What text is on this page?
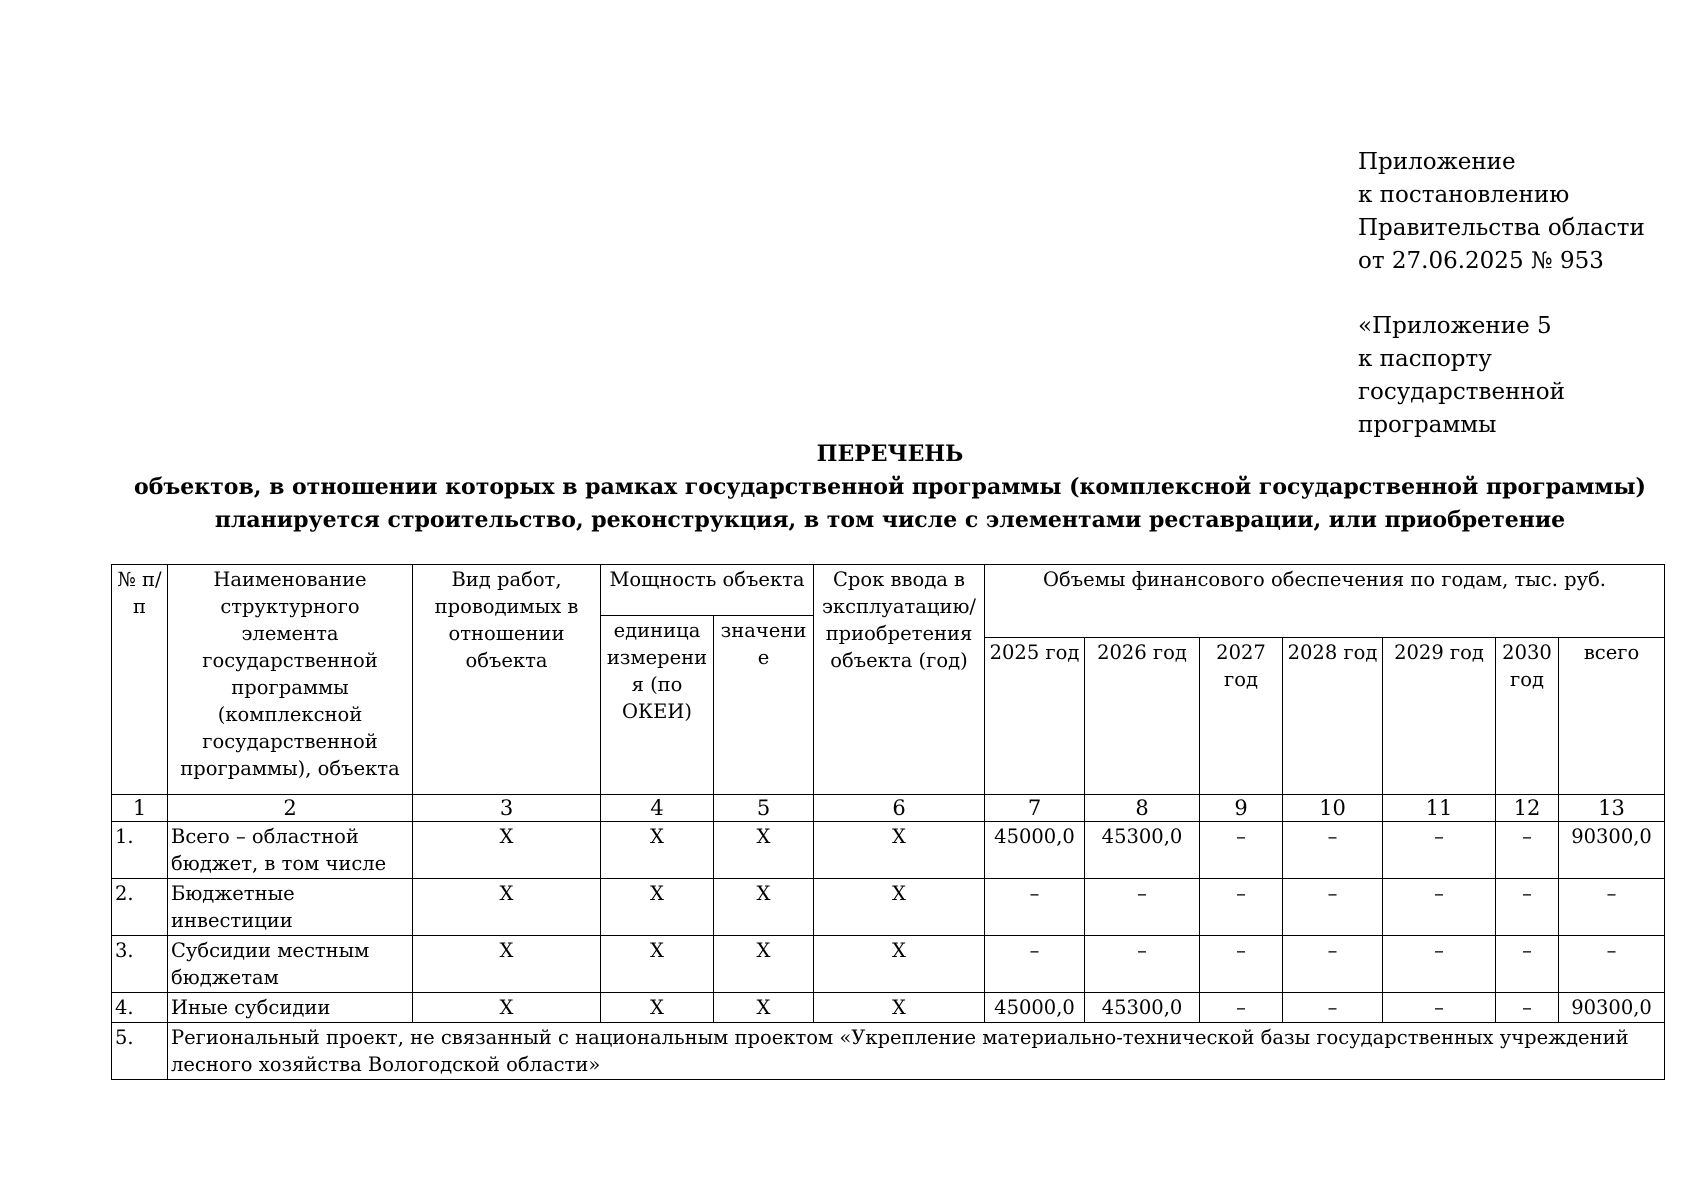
Приложение
к постановлению
Правительства области
от 27.06.2025 № 953
«Приложение 5
к паспорту
государственной
программы
ПЕРЕЧЕНЬ
объектов, в отношении которых в рамках государственной программы (комплексной государственной программы)
планируется строительство, реконструкция, в том числе с элементами реставрации, или приобретение
№ п/п	Наименование структурного элемента государственной программы (комплексной государственной программы), объекта	Вид работ, проводимых в отношении объекта	Мощность объекта		Срок ввода в эксплуатацию/приобретения объекта (год)	Объемы финансового обеспечения по годам, тыс. руб.						
			единица измерения (по ОКЕИ)	значение								
						2025 год	2026 год	2027 год	2028 год	2029 год	2030 год	всего
1	2	3	4	5	6	7	8	9	10	11	12	13
1.	Всего – областной бюджет, в том числе	X	X	X	X	45000,0	45300,0	–	–	–	–	90300,0
2.	Бюджетные инвестиции	X	X	X	X	–	–	–	–	–	–	–
3.	Субсидии местным бюджетам	X	X	X	X	–	–	–	–	–	–	–
4.	Иные субсидии	X	X	X	X	45000,0	45300,0	–	–	–	–	90300,0
5.	Региональный проект, не связанный с национальным проектом «Укрепление материально-технической базы государственных учреждений лесного хозяйства Вологодской области»											
